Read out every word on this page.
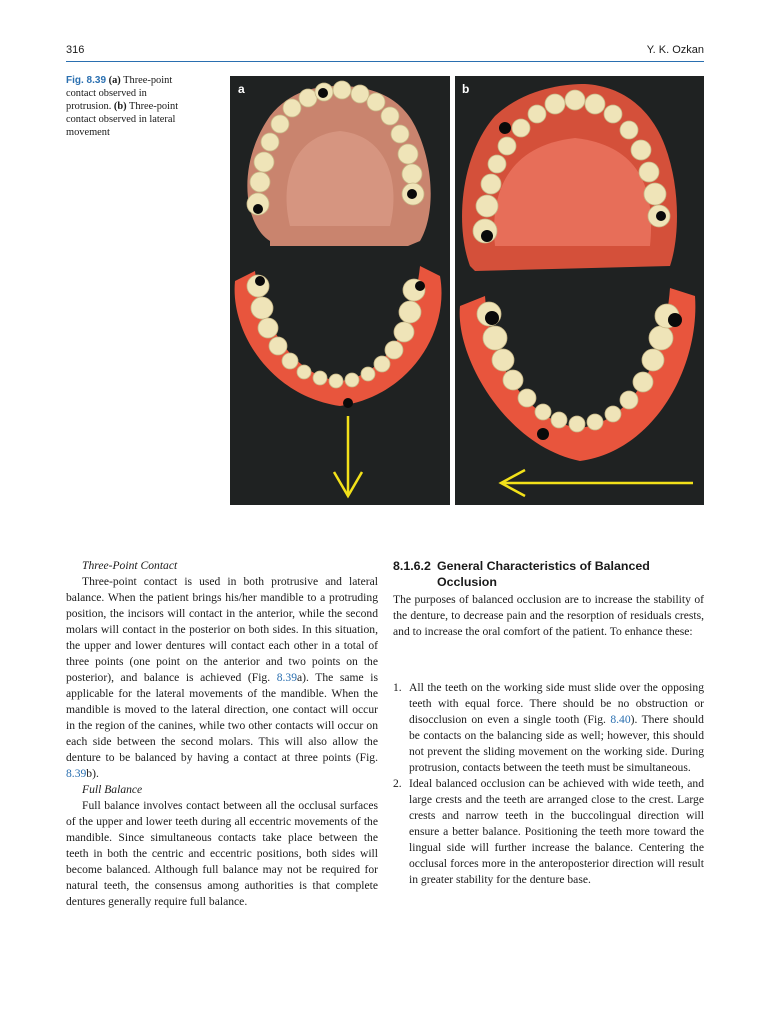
316	Y. K. Ozkan
Fig. 8.39 (a) Three-point contact observed in protrusion. (b) Three-point contact observed in lateral movement
a	b

Three-Point Contact

Three-point contact is used in both protrusive and lateral balance. When the patient brings his/her mandible to a protruding position, the incisors will contact in the anterior, while the second molars will contact in the posterior on both sides. In this situation, the upper and lower dentures will contact each other in a total of three points (one point on the anterior and two points on the posterior), and balance is achieved (Fig. 8.39a). The same is applicable for the lateral movements of the mandible. When the mandible is moved to the lateral direction, one contact will occur in the region of the canines, while two other contacts will occur on each side between the second molars. This will also allow the denture to be balanced by having a contact at three points (Fig. 8.39b).

Full Balance

Full balance involves contact between all the occlusal surfaces of the upper and lower teeth during all eccentric movements of the mandible. Since simultaneous contacts take place between the teeth in both the centric and eccentric positions, both sides will become balanced. Although full balance may not be required for natural teeth, the consensus among authorities is that complete dentures generally require full balance.

8.1.6.2 General Characteristics of Balanced
Occlusion

The purposes of balanced occlusion are to increase the stability of the denture, to decrease pain and the resorption of residuals crests, and to increase the oral comfort of the patient. To enhance these:

1. All the teeth on the working side must slide over the opposing teeth with equal force. There should be no obstruction or disocclusion on even a single tooth (Fig. 8.40). There should be contacts on the balancing side as well; however, this should not prevent the sliding movement on the working side. During protrusion, contacts between the teeth must be simultaneous.
2. Ideal balanced occlusion can be achieved with wide teeth, and large crests and the teeth are arranged close to the crest. Large crests and narrow teeth in the buccolingual direction will ensure a better balance. Positioning the teeth more toward the lingual side will further increase the balance. Centering the occlusal forces more in the anteroposterior direction will result in greater stability for the denture base.
